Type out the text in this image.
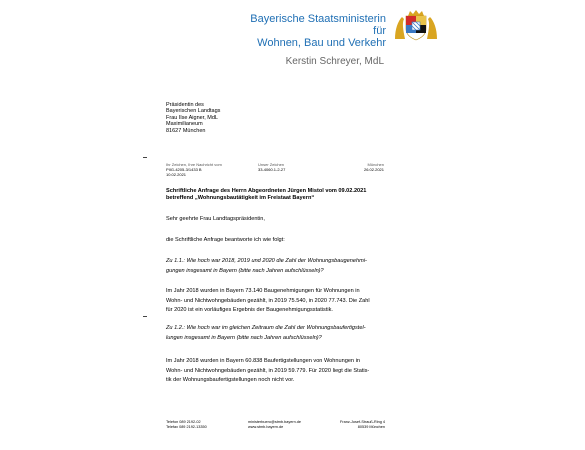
Bayerische Staatsministerin für
Wohnen, Bau und Verkehr
Kerstin Schreyer, MdL
Präsidentin des
Bayerischen Landtags
Frau Ilse Aigner, MdL
Maximilianeum
81627 München
Ihr Zeichen, Ihre Nachricht vom
PIIG-4205-3/1433 B
10.02.2021
Unser Zeichen
33-4060.1-2-27
München
26.02.2021
Schriftliche Anfrage des Herrn Abgeordneten Jürgen Mistol vom 09.02.2021
betreffend „Wohnungsbautätigkeit im Freistaat Bayern“
Sehr geehrte Frau Landtagspräsidentin,
die Schriftliche Anfrage beantworte ich wie folgt:
Zu 1.1.: Wie hoch war 2018, 2019 und 2020 die Zahl der Wohnungsbaugenehmi-
gungen insgesamt in Bayern (bitte nach Jahren aufschlüsseln)?
Im Jahr 2018 wurden in Bayern 73.140 Baugenehmigungen für Wohnungen in
Wohn- und Nichtwohngebäuden gezählt, in 2019 75.540, in 2020 77.743. Die Zahl
für 2020 ist ein vorläufiges Ergebnis der Baugenehmigungsstatistik.
Zu 1.2.: Wie hoch war im gleichen Zeitraum die Zahl der Wohnungsbaufertigstel-
lungen insgesamt in Bayern (bitte nach Jahren aufschlüsseln)?
Im Jahr 2018 wurden in Bayern 60.838 Baufertigstellungen von Wohnungen in
Wohn- und Nichtwohngebäuden gezählt, in 2019 59.779. Für 2020 liegt die Statis-
tik der Wohnungsbaufertigstellungen noch nicht vor.
Telefon 089 2192-02
Telefax 089 2192-13350
ministerbuero@stmb.bayern.de
www.stmb.bayern.de
Franz-Josef-Strauß-Ring 4
80539 München
